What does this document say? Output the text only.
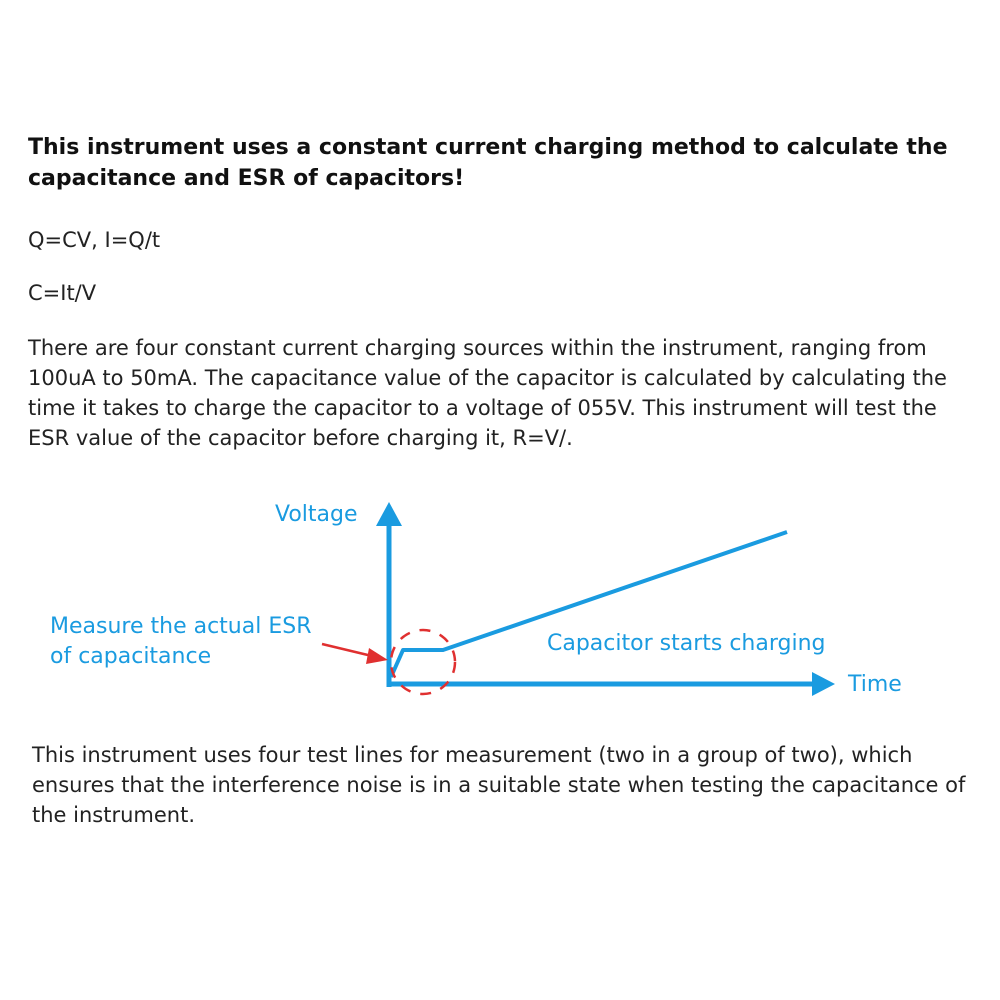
This instrument uses a constant current charging method to calculate the capacitance and ESR of capacitors!

Q=CV, I=Q/t
C=It/V

There are four constant current charging sources within the instrument, ranging from 100uA to 50mA. The capacitance value of the capacitor is calculated by calculating the time it takes to charge the capacitor to a voltage of 055V. This instrument will test the ESR value of the capacitor before charging it, R=V/.

Voltage
Time
Measure the actual ESR
of capacitance
Capacitor starts charging

This instrument uses four test lines for measurement (two in a group of two), which ensures that the interference noise is in a suitable state when testing the capacitance of the instrument.
